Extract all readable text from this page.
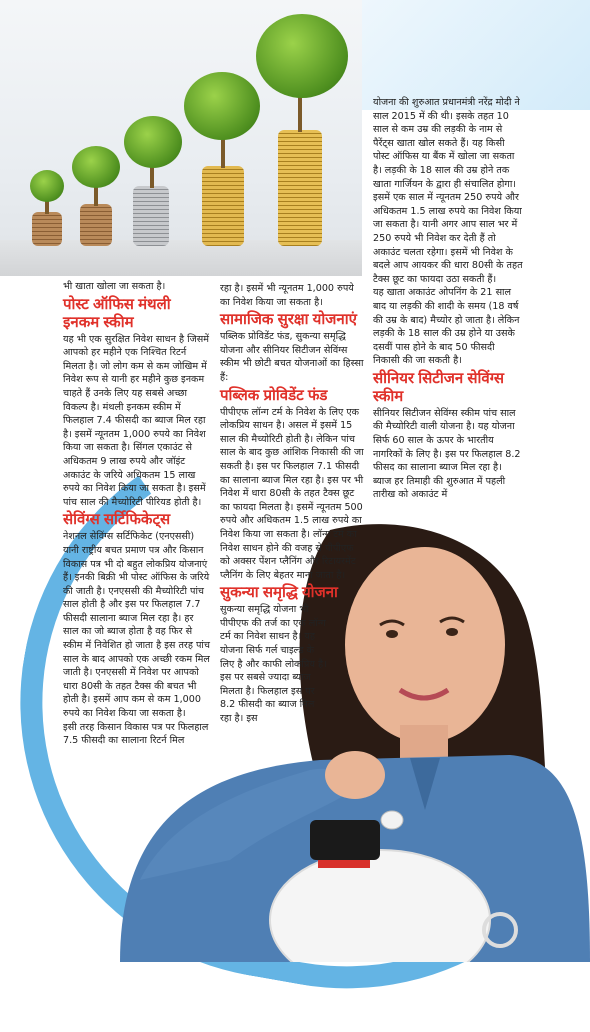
भी खाता खोला जा सकता है।

पोस्ट ऑफिस मंथली इनकम स्कीम

यह भी एक सुरक्षित निवेश साधन है जिसमें आपको हर महीने एक निश्चित रिटर्न मिलता है। जो लोग कम से कम जोखिम में निवेश रूप से यानी हर महीने कुछ इनकम चाहते हैं उनके लिए यह सबसे अच्छा विकल्प है। मंथली इनकम स्कीम में फिलहाल 7.4 फीसदी का ब्याज मिल रहा है। इसमें न्यूनतम 1,000 रुपये का निवेश किया जा सकता है। सिंगल एकाउंट से अधिकतम 9 लाख रुपये और जॉइंट अकाउंट के जरिये अधिकतम 15 लाख रुपये का निवेश किया जा सकता है। इसमें पांच साल की मैच्योरिटी पीरियड होती है।

सेविंग्स सर्टिफिकेट्स

नेशनल सेविंग्स सर्टिफिकेट (एनएससी) यानी राष्ट्रीय बचत प्रमाण पत्र और किसान विकास पत्र भी दो बहुत लोकप्रिय योजनाएं हैं। इनकी बिक्री भी पोस्ट ऑफिस के जरिये की जाती है। एनएससी की मैच्योरिटी पांच साल होती है और इस पर फिलहाल 7.7 फीसदी सालाना ब्याज मिल रहा है। हर साल का जो ब्याज होता है वह फिर से स्कीम में निवेशित हो जाता है इस तरह पांच साल के बाद आपको एक अच्छी रकम मिल जाती है। एनएससी में निवेश पर आपको धारा 80सी के तहत टैक्स की बचत भी होती है। इसमें आप कम से कम 1,000 रुपये का निवेश किया जा सकता है।

इसी तरह किसान विकास पत्र पर फिलहाल 7.5 फीसदी का सालाना रिटर्न मिल

रहा है। इसमें भी न्यूनतम 1,000 रुपये का निवेश किया जा सकता है।

सामाजिक सुरक्षा योजनाएं

पब्लिक प्रोविडेंट फंड, सुकन्या समृद्धि योजना और सीनियर सिटीजन सेविंग्स स्कीम भी छोटी बचत योजनाओं का हिस्सा हैं:

पब्लिक प्रोविडेंट फंड

पीपीएफ लॉन्ग टर्म के निवेश के लिए एक लोकप्रिय साधन है। असल में इसमें 15 साल की मैच्योरिटी होती है। लेकिन पांच साल के बाद कुछ आंशिक निकासी की जा सकती है। इस पर फिलहाल 7.1 फीसदी का सालाना ब्याज मिल रहा है। इस पर भी निवेश में धारा 80सी के तहत टैक्स छूट का फायदा मिलता है। इसमें न्यूनतम 500 रुपये और अधिकतम 1.5 लाख रुपये का निवेश किया जा सकता है। लॉन्ग टर्म का निवेश साधन होने की वजह से पीपीएफ को अक्सर पेंशन प्लैनिंग और रिटायरमेंट प्लैनिंग के लिए बेहतर माना जाता है।

सुकन्या समृद्धि योजना

सुकन्या समृद्धि योजना भी पीपीएफ की तर्ज का एक लॉन्ग टर्म का निवेश साधन है। यह योजना सिर्फ गर्ल चाइल्ड के लिए है और काफी लोकप्रिय है। इस पर सबसे ज्यादा ब्याज मिलता है। फिलहाल इस पर 8.2 फीसदी का ब्याज मिल रहा है। इस

योजना की शुरुआत प्रधानमंत्री नरेंद्र मोदी ने साल 2015 में की थी। इसके तहत 10 साल से कम उम्र की लड़की के नाम से पैरेंट्स खाता खोल सकते हैं। यह किसी पोस्ट ऑफिस या बैंक में खोला जा सकता है। लड़की के 18 साल की उम्र होने तक खाता गार्जियन के द्वारा ही संचालित होगा। इसमें एक साल में न्यूनतम 250 रुपये और अधिकतम 1.5 लाख रुपये का निवेश किया जा सकता है। यानी अगर आप साल भर में 250 रुपये भी निवेश कर देती हैं तो अकाउंट चलता रहेगा। इसमें भी निवेश के बदले आप आयकर की धारा 80सी के तहत टैक्स छूट का फायदा उठा सकती हैं।

यह खाता अकाउंट ओपनिंग के 21 साल बाद या लड़की की शादी के समय (18 वर्ष की उम्र के बाद) मैच्योर हो जाता है। लेकिन लड़की के 18 साल की उम्र होने या उसके दसवीं पास होने के बाद 50 फीसदी निकासी की जा सकती है।

सीनियर सिटीजन सेविंग्स स्कीम

सीनियर सिटीजन सेविंग्स स्कीम पांच साल की मैच्योरिटी वाली योजना है। यह योजना सिर्फ 60 साल के ऊपर के भारतीय नागरिकों के लिए है। इस पर फिलहाल 8.2 फीसद का सालाना ब्याज मिल रहा है। ब्याज हर तिमाही की शुरुआत में पहली तारीख को अकाउंट में
